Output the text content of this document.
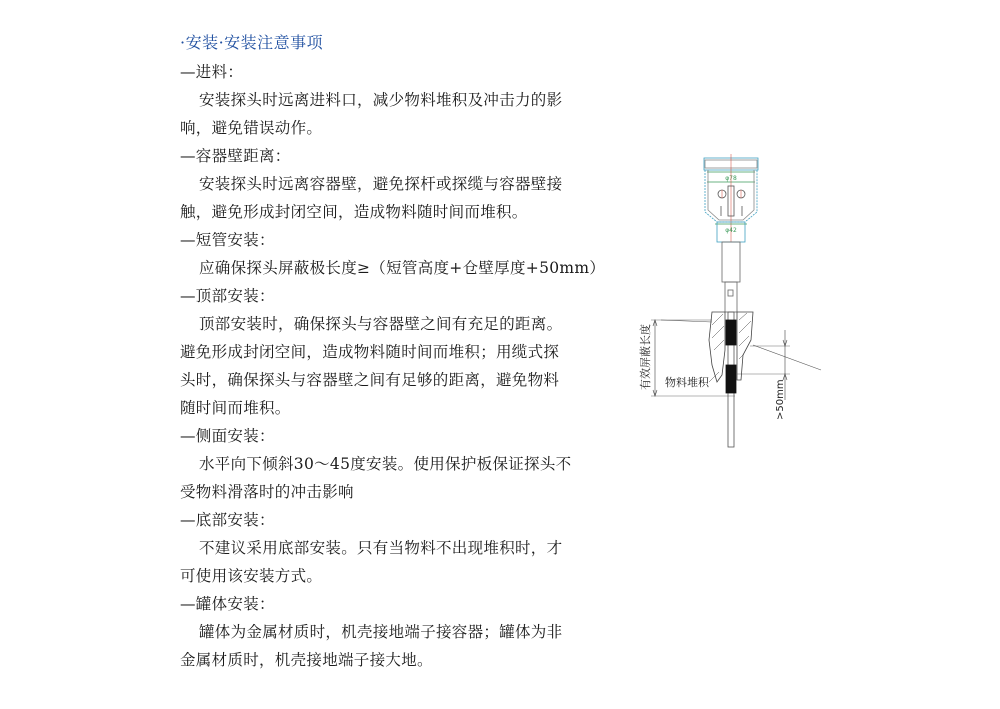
·安装·安装注意事项
—进料：
安装探头时远离进料口，减少物料堆积及冲击力的影
响，避免错误动作。
—容器壁距离：
安装探头时远离容器壁，避免探杆或探缆与容器壁接
触，避免形成封闭空间，造成物料随时间而堆积。
—短管安装：
应确保探头屏蔽极长度≥（短管高度+仓壁厚度+50mm）
—顶部安装：
顶部安装时，确保探头与容器壁之间有充足的距离。
避免形成封闭空间，造成物料随时间而堆积；用缆式探
头时，确保探头与容器壁之间有足够的距离，避免物料
随时间而堆积。
—侧面安装：
水平向下倾斜30～45度安装。使用保护板保证探头不
受物料滑落时的冲击影响
—底部安装：
不建议采用底部安装。只有当物料不出现堆积时，才
可使用该安装方式。
—罐体安装：
罐体为金属材质时，机壳接地端子接容器；罐体为非
金属材质时，机壳接地端子接大地。
φ78
φ42
有效屏蔽长度 物料堆积	>50mm
